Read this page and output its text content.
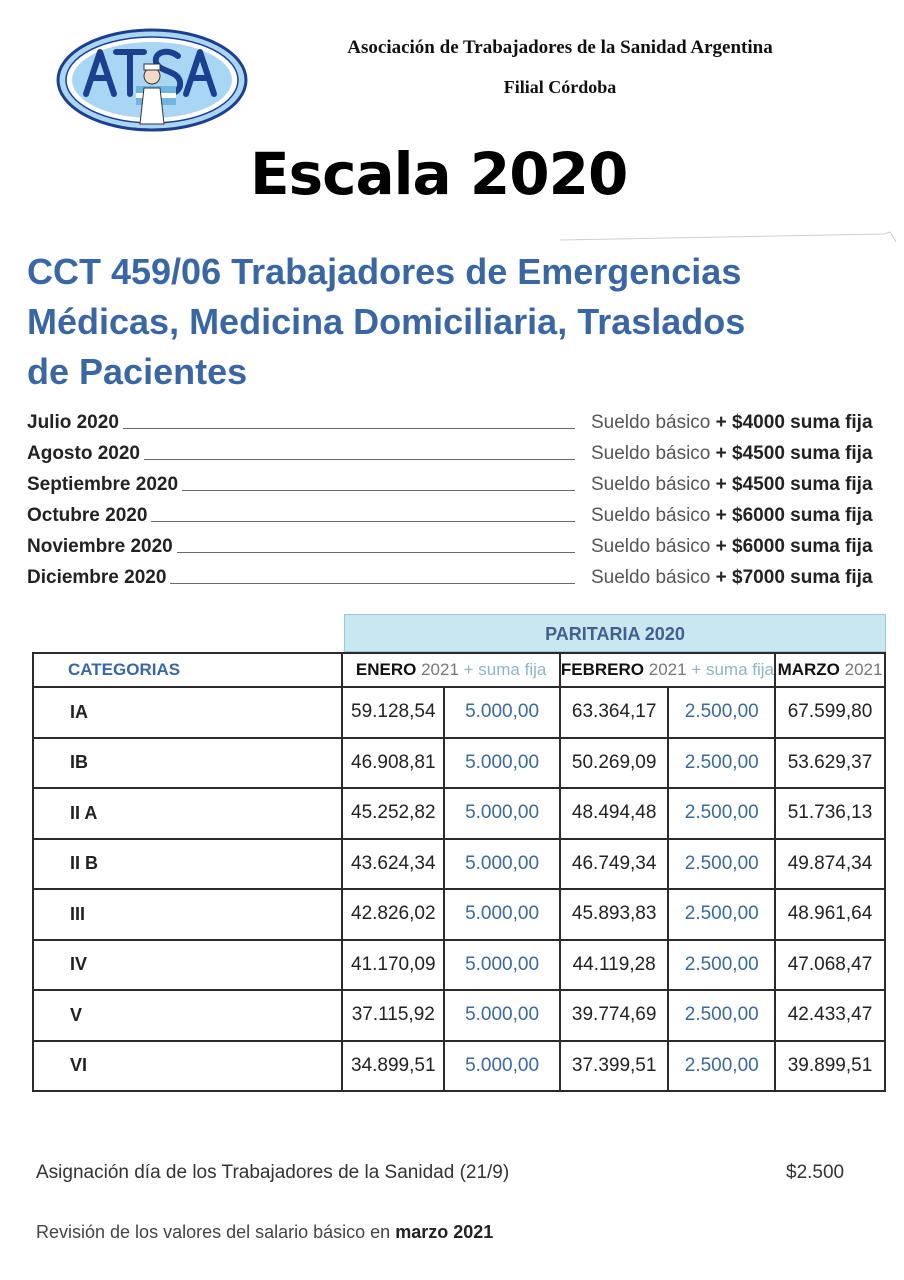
Asociación de Trabajadores de la Sanidad Argentina
Filial Córdoba
Escala 2020
CCT 459/06 Trabajadores de Emergencias
Médicas, Medicina Domiciliaria, Traslados
de Pacientes
Julio 2020	Sueldo básico + $4000 suma fija
Agosto 2020	Sueldo básico + $4500 suma fija
Septiembre 2020	Sueldo básico + $4500 suma fija
Octubre 2020	Sueldo básico + $6000 suma fija
Noviembre 2020	Sueldo básico + $6000 suma fija
Diciembre 2020	Sueldo básico + $7000 suma fija
PARITARIA 2020
CATEGORIAS	ENERO 2021 + suma fija		FEBRERO 2021 + suma fija		MARZO 2021
IA	59.128,54	5.000,00	63.364,17	2.500,00	67.599,80
IB	46.908,81	5.000,00	50.269,09	2.500,00	53.629,37
II A	45.252,82	5.000,00	48.494,48	2.500,00	51.736,13
II B	43.624,34	5.000,00	46.749,34	2.500,00	49.874,34
III	42.826,02	5.000,00	45.893,83	2.500,00	48.961,64
IV	41.170,09	5.000,00	44.119,28	2.500,00	47.068,47
V	37.115,92	5.000,00	39.774,69	2.500,00	42.433,47
VI	34.899,51	5.000,00	37.399,51	2.500,00	39.899,51
Asignación día de los Trabajadores de la Sanidad (21/9)	$2.500
Revisión de los valores del salario básico en marzo 2021
